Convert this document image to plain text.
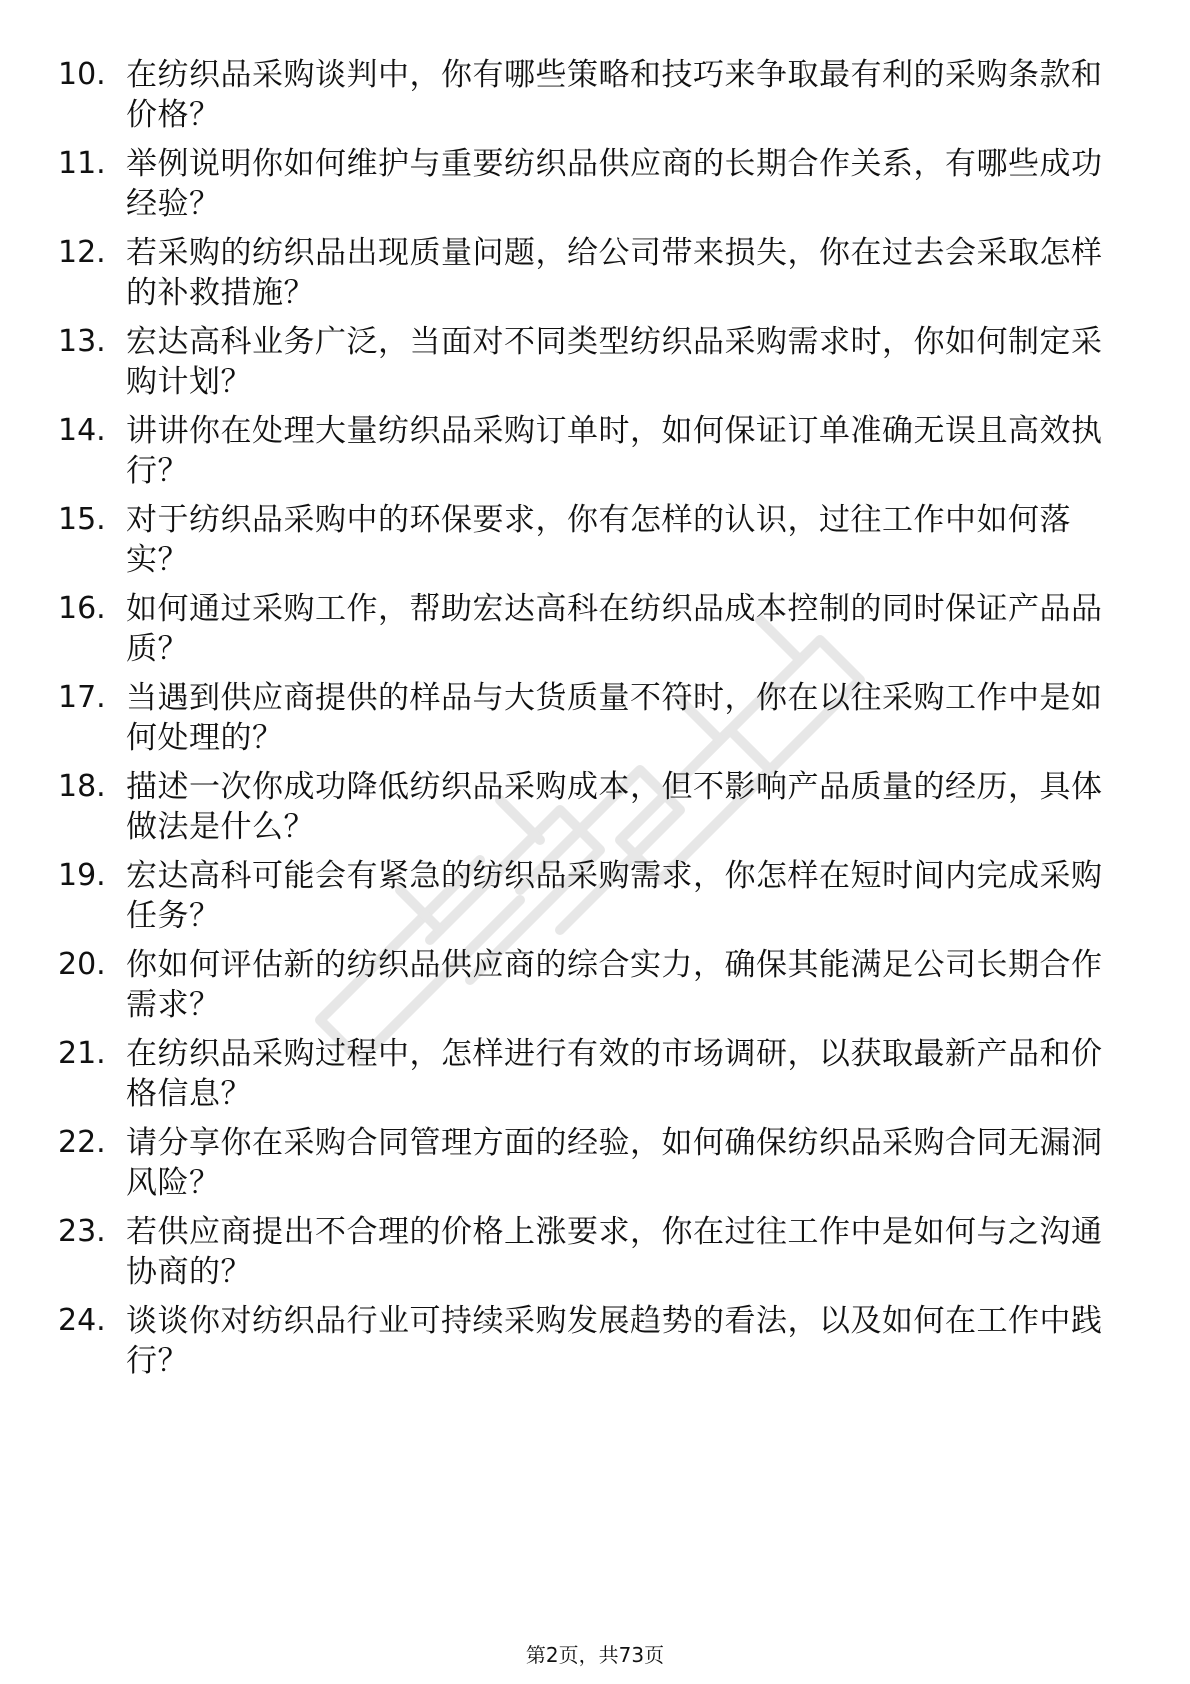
10. 在纺织品采购谈判中，你有哪些策略和技巧来争取最有利的采购条款和价格？
11. 举例说明你如何维护与重要纺织品供应商的长期合作关系，有哪些成功经验？
12. 若采购的纺织品出现质量问题，给公司带来损失，你在过去会采取怎样的补救措施？
13. 宏达高科业务广泛，当面对不同类型纺织品采购需求时，你如何制定采购计划？
14. 讲讲你在处理大量纺织品采购订单时，如何保证订单准确无误且高效执行？
15. 对于纺织品采购中的环保要求，你有怎样的认识，过往工作中如何落实？
16. 如何通过采购工作，帮助宏达高科在纺织品成本控制的同时保证产品品质？
17. 当遇到供应商提供的样品与大货质量不符时，你在以往采购工作中是如何处理的？
18. 描述一次你成功降低纺织品采购成本，但不影响产品质量的经历，具体做法是什么？
19. 宏达高科可能会有紧急的纺织品采购需求，你怎样在短时间内完成采购任务？
20. 你如何评估新的纺织品供应商的综合实力，确保其能满足公司长期合作需求？
21. 在纺织品采购过程中，怎样进行有效的市场调研，以获取最新产品和价格信息？
22. 请分享你在采购合同管理方面的经验，如何确保纺织品采购合同无漏洞风险？
23. 若供应商提出不合理的价格上涨要求，你在过往工作中是如何与之沟通协商的？
24. 谈谈你对纺织品行业可持续采购发展趋势的看法，以及如何在工作中践行？
第2页，共73页
